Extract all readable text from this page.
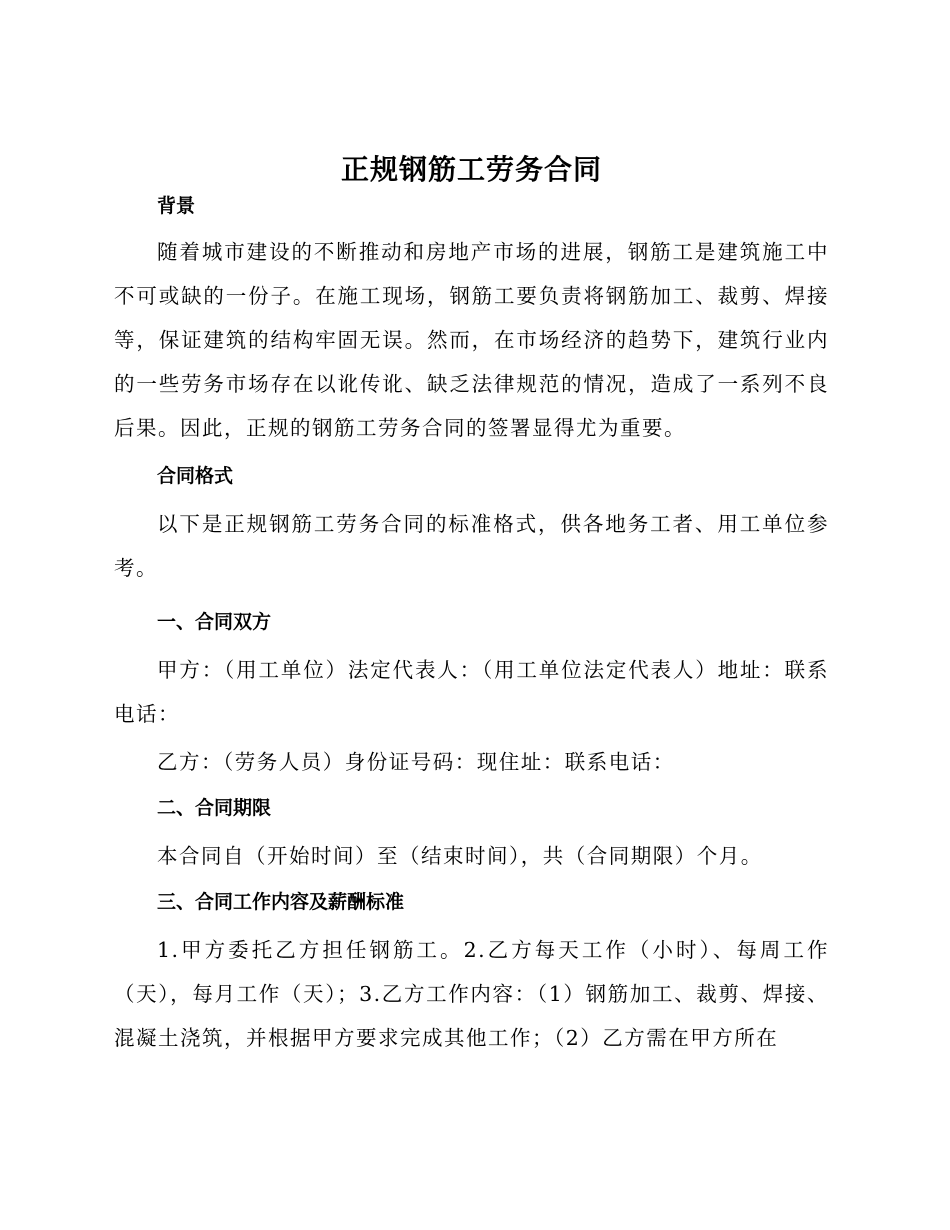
正规钢筋工劳务合同
背景

随着城市建设的不断推动和房地产市场的进展，钢筋工是建筑施工中不可或缺的一份子。在施工现场，钢筋工要负责将钢筋加工、裁剪、焊接等，保证建筑的结构牢固无误。然而，在市场经济的趋势下，建筑行业内的一些劳务市场存在以讹传讹、缺乏法律规范的情况，造成了一系列不良后果。因此，正规的钢筋工劳务合同的签署显得尤为重要。

合同格式

以下是正规钢筋工劳务合同的标准格式，供各地务工者、用工单位参考。

一、合同双方

甲方：（用工单位）法定代表人：（用工单位法定代表人）地址：联系电话：

乙方：（劳务人员）身份证号码：现住址：联系电话：

二、合同期限

本合同自（开始时间）至（结束时间），共（合同期限）个月。

三、合同工作内容及薪酬标准

1.甲方委托乙方担任钢筋工。2.乙方每天工作（小时）、每周工作（天），每月工作（天）；3.乙方工作内容：（1）钢筋加工、裁剪、焊接、混凝土浇筑，并根据甲方要求完成其他工作；（2）乙方需在甲方所在
